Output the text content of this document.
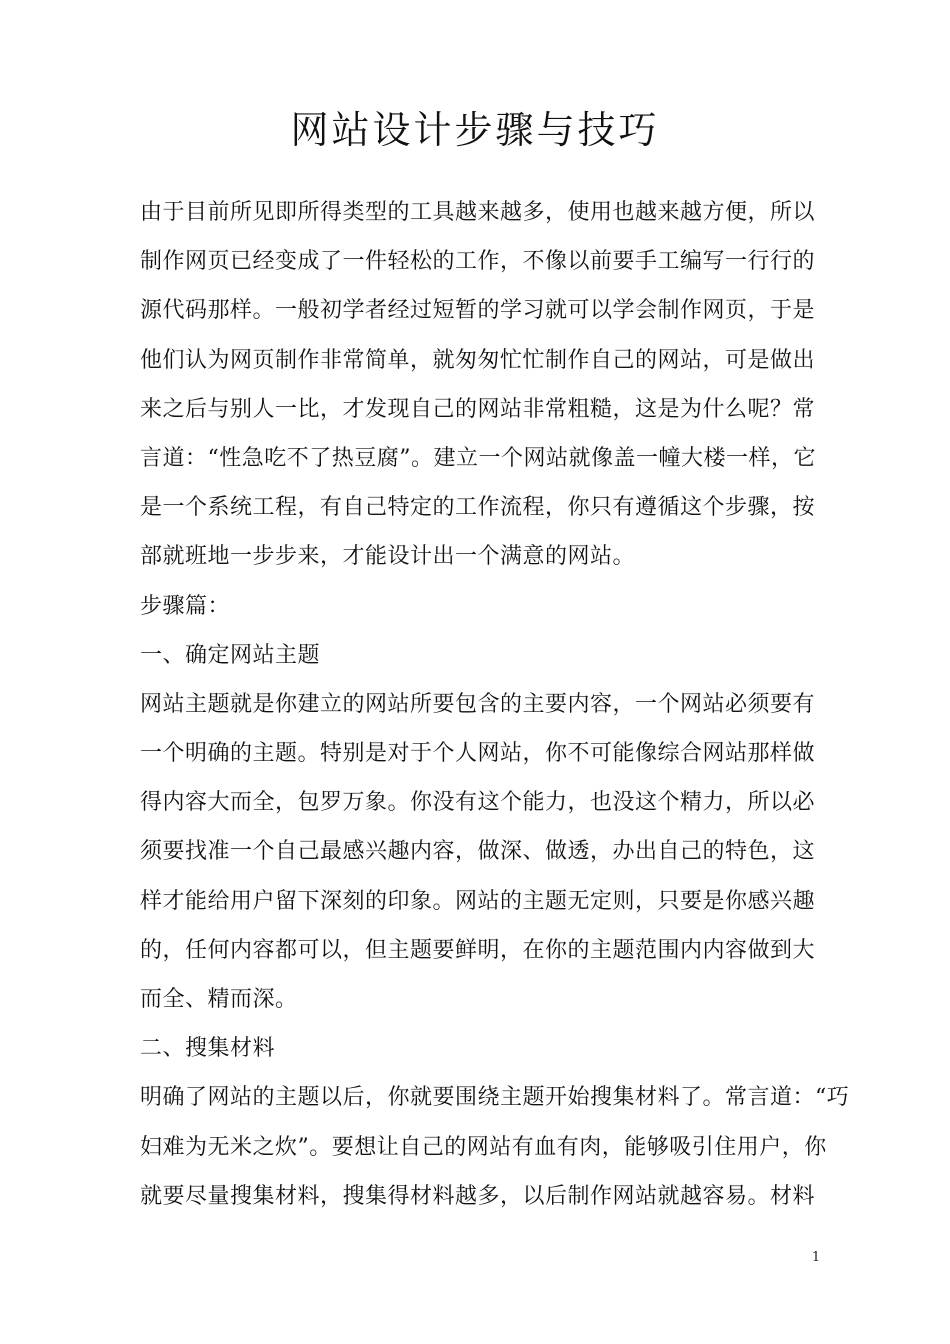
网站设计步骤与技巧
由于目前所见即所得类型的工具越来越多，使用也越来越方便，所以
制作网页已经变成了一件轻松的工作，不像以前要手工编写一行行的
源代码那样。一般初学者经过短暂的学习就可以学会制作网页，于是
他们认为网页制作非常简单，就匆匆忙忙制作自己的网站，可是做出
来之后与别人一比，才发现自己的网站非常粗糙，这是为什么呢？常
言道：“性急吃不了热豆腐”。建立一个网站就像盖一幢大楼一样，它
是一个系统工程，有自己特定的工作流程，你只有遵循这个步骤，按
部就班地一步步来，才能设计出一个满意的网站。
步骤篇：
一、确定网站主题
网站主题就是你建立的网站所要包含的主要内容，一个网站必须要有
一个明确的主题。特别是对于个人网站，你不可能像综合网站那样做
得内容大而全，包罗万象。你没有这个能力，也没这个精力，所以必
须要找准一个自己最感兴趣内容，做深、做透，办出自己的特色，这
样才能给用户留下深刻的印象。网站的主题无定则，只要是你感兴趣
的，任何内容都可以，但主题要鲜明，在你的主题范围内内容做到大
而全、精而深。
二、搜集材料
明确了网站的主题以后，你就要围绕主题开始搜集材料了。常言道：“巧
妇难为无米之炊”。要想让自己的网站有血有肉，能够吸引住用户，你
就要尽量搜集材料，搜集得材料越多，以后制作网站就越容易。材料
1
